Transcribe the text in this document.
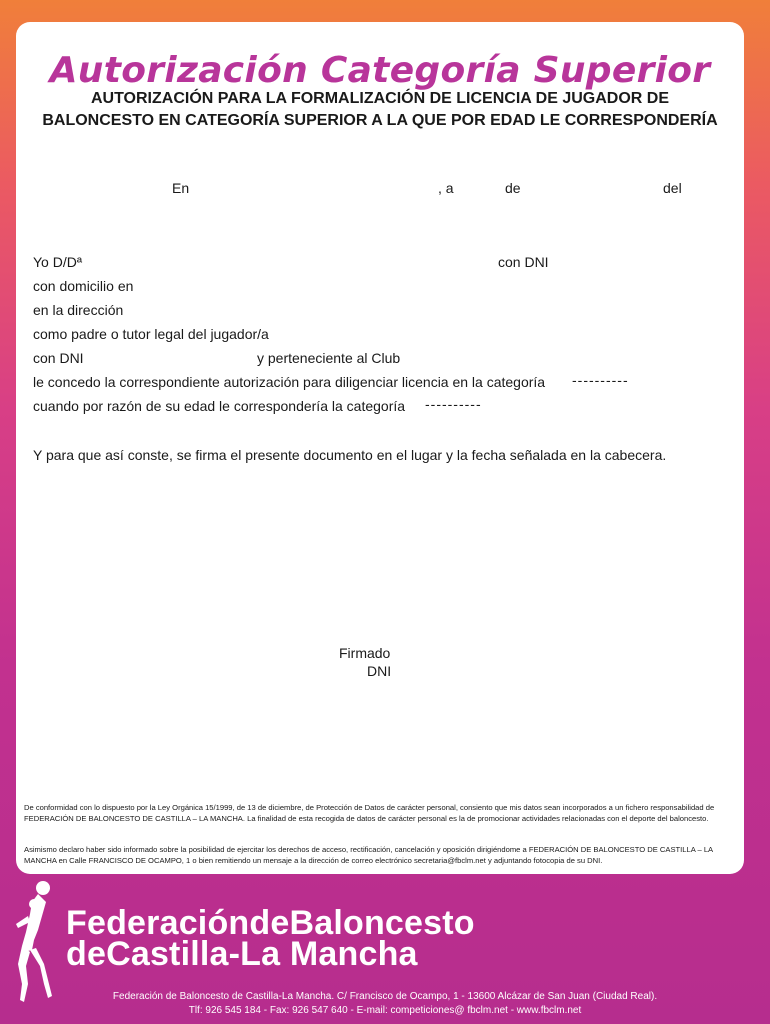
Autorización Categoría Superior
AUTORIZACIÓN PARA LA FORMALIZACIÓN DE LICENCIA DE JUGADOR DE
BALONCESTO EN CATEGORÍA SUPERIOR A LA QUE POR EDAD LE CORRESPONDERÍA
En	, a	de	del
Yo D/Dª	con DNI
con domicilio en
en la dirección
como padre o tutor legal del jugador/a
con DNI	y perteneciente al Club
le concedo la correspondiente autorización para diligenciar licencia en la categoría ----------
cuando por razón de su edad le correspondería la categoría ----------
Y para que así conste, se firma el presente documento en el lugar y la fecha señalada en la cabecera.
Firmado
DNI
De conformidad con lo dispuesto por la Ley Orgánica 15/1999, de 13 de diciembre, de Protección de Datos de carácter personal, consiento que mis datos sean incorporados a un fichero responsabilidad de FEDERACIÓN DE BALONCESTO DE CASTILLA – LA MANCHA. La finalidad de esta recogida de datos de carácter personal es la de promocionar actividades relacionadas con el deporte del baloncesto.
Asimismo declaro haber sido informado sobre la posibilidad de ejercitar los derechos de acceso, rectificación, cancelación y oposición dirigiéndome a FEDERACIÓN DE BALONCESTO DE CASTILLA – LA MANCHA en Calle FRANCISCO DE OCAMPO, 1 o bien remitiendo un mensaje a la dirección de correo electrónico secretaria@fbclm.net y adjuntando fotocopia de su DNI.
FederacióndeBaloncesto
deCastilla-La Mancha
Federación de Baloncesto de Castilla-La Mancha. C/ Francisco de Ocampo, 1 - 13600 Alcázar de San Juan (Ciudad Real).
Tlf: 926 545 184 - Fax: 926 547 640 - E-mail: competiciones@ fbclm.net - www.fbclm.net
